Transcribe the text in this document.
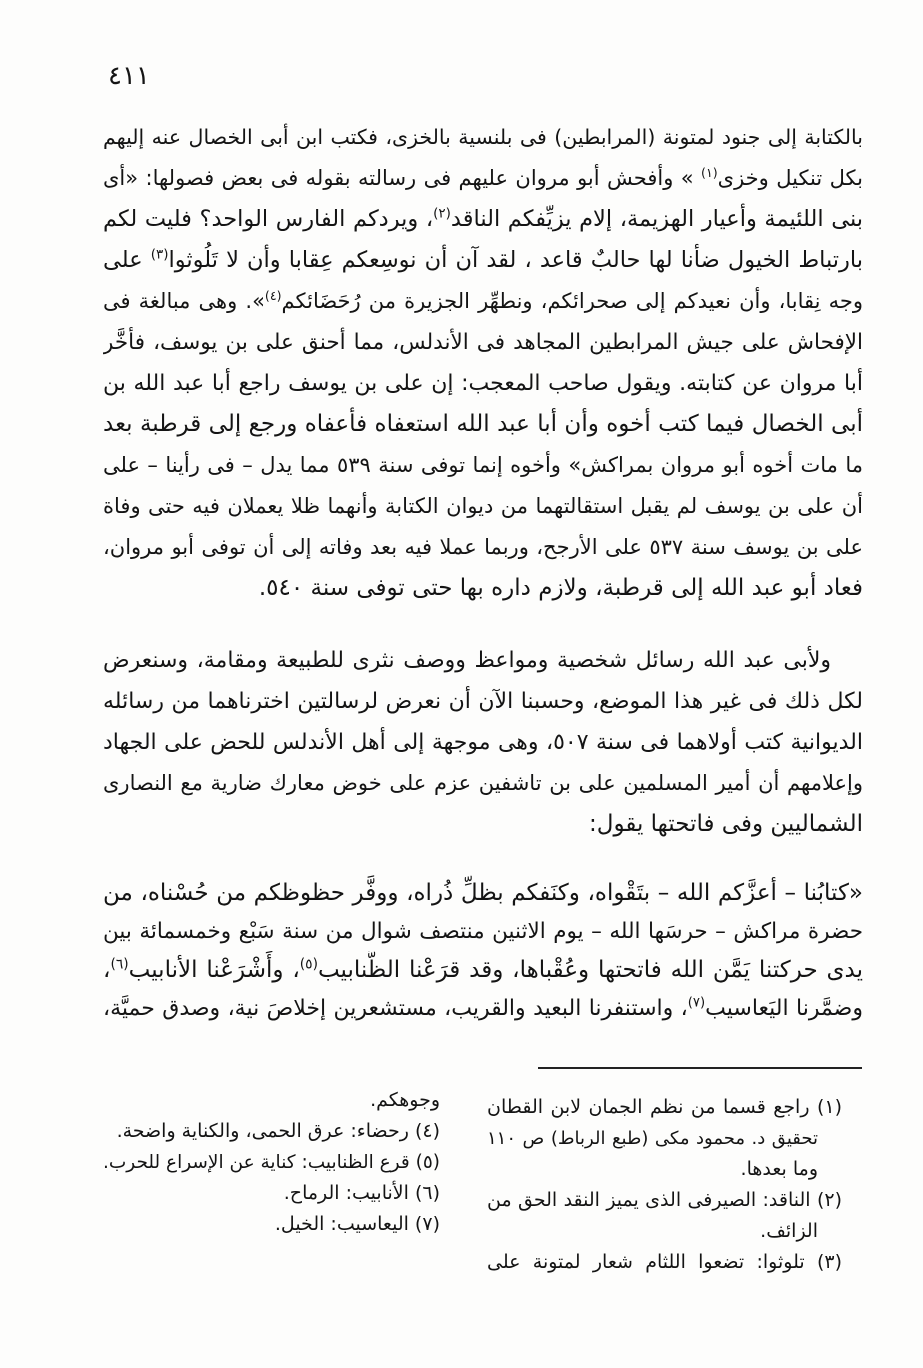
٤١١
بالكتابة إلى جنود لمتونة (المرابطين) فى بلنسية بالخزى، فكتب ابن أبى الخصال عنه إليهم
بكل تنكيل وخزى$^{(١)}$ » وأفحش أبو مروان عليهم فى رسالته بقوله فى بعض فصولها: «أى
بنى اللئيمة وأعيار الهزيمة، إلام يزيِّفكم الناقد$^{(٢)}$، ويردكم الفارس الواحد؟ فليت لكم
بارتباط الخيول ضأنا لها حالبٌ قاعد ، لقد آن أن نوسِعكم عِقابا وأن لا تَلُوثوا$^{(٣)}$ على
وجه نِقابا، وأن نعيدكم إلى صحرائكم، ونطهِّر الجزيرة من رُحَضَائكم$^{(٤)}$». وهى مبالغة فى
الإفحاش على جيش المرابطين المجاهد فى الأندلس، مما أحنق على بن يوسف، فأخَّر
أبا مروان عن كتابته. ويقول صاحب المعجب: إن على بن يوسف راجع أبا عبد الله بن
أبى الخصال فيما كتب أخوه وأن أبا عبد الله استعفاه فأعفاه ورجع إلى قرطبة بعد
ما مات أخوه أبو مروان بمراكش» وأخوه إنما توفى سنة ٥٣٩ مما يدل – فى رأينا – على
أن على بن يوسف لم يقبل استقالتهما من ديوان الكتابة وأنهما ظلا يعملان فيه حتى وفاة
على بن يوسف سنة ٥٣٧ على الأرجح، وربما عملا فيه بعد وفاته إلى أن توفى أبو مروان،
فعاد أبو عبد الله إلى قرطبة، ولازم داره بها حتى توفى سنة ٥٤٠.
ولأبى عبد الله رسائل شخصية ومواعظ ووصف نثرى للطبيعة ومقامة، وسنعرض
لكل ذلك فى غير هذا الموضع، وحسبنا الآن أن نعرض لرسالتين اخترناهما من رسائله
الديوانية كتب أولاهما فى سنة ٥٠٧، وهى موجهة إلى أهل الأندلس للحض على الجهاد
وإعلامهم أن أمير المسلمين على بن تاشفين عزم على خوض معارك ضارية مع النصارى
الشماليين وفى فاتحتها يقول:
«كتابُنا – أعزَّكم الله – بتَقْواه، وكنَفكم بظلِّ ذُراه، ووفَّر حظوظكم من حُسْناه، من
حضرة مراكش – حرسَها الله – يوم الاثنين منتصف شوال من سنة سَبْع وخمسمائة بين
يدى حركتنا يَمَّن الله فاتحتها وعُقْباها، وقد قرَعْنا الظَّنابيب$^{(٥)}$، وأَشْرَعْنا الأنابيب$^{(٦)}$،
وضمَّرنا اليَعاسيب$^{(٧)}$، واستنفرنا البعيد والقريب، مستشعرين إخلاصَ نية، وصدق حميَّة،
(١) راجع قسما من نظم الجمان لابن القطان
تحقيق د. محمود مكى (طبع الرباط) ص ١١٠
وما بعدها.
(٢) الناقد: الصيرفى الذى يميز النقد الحق من
الزائف.
(٣) تلوثوا: تضعوا اللثام شعار لمتونة على
وجوهكم.
(٤) رحضاء: عرق الحمى، والكناية واضحة.
(٥) قرع الظنابيب: كناية عن الإسراع للحرب.
(٦) الأنابيب: الرماح.
(٧) اليعاسيب: الخيل.
